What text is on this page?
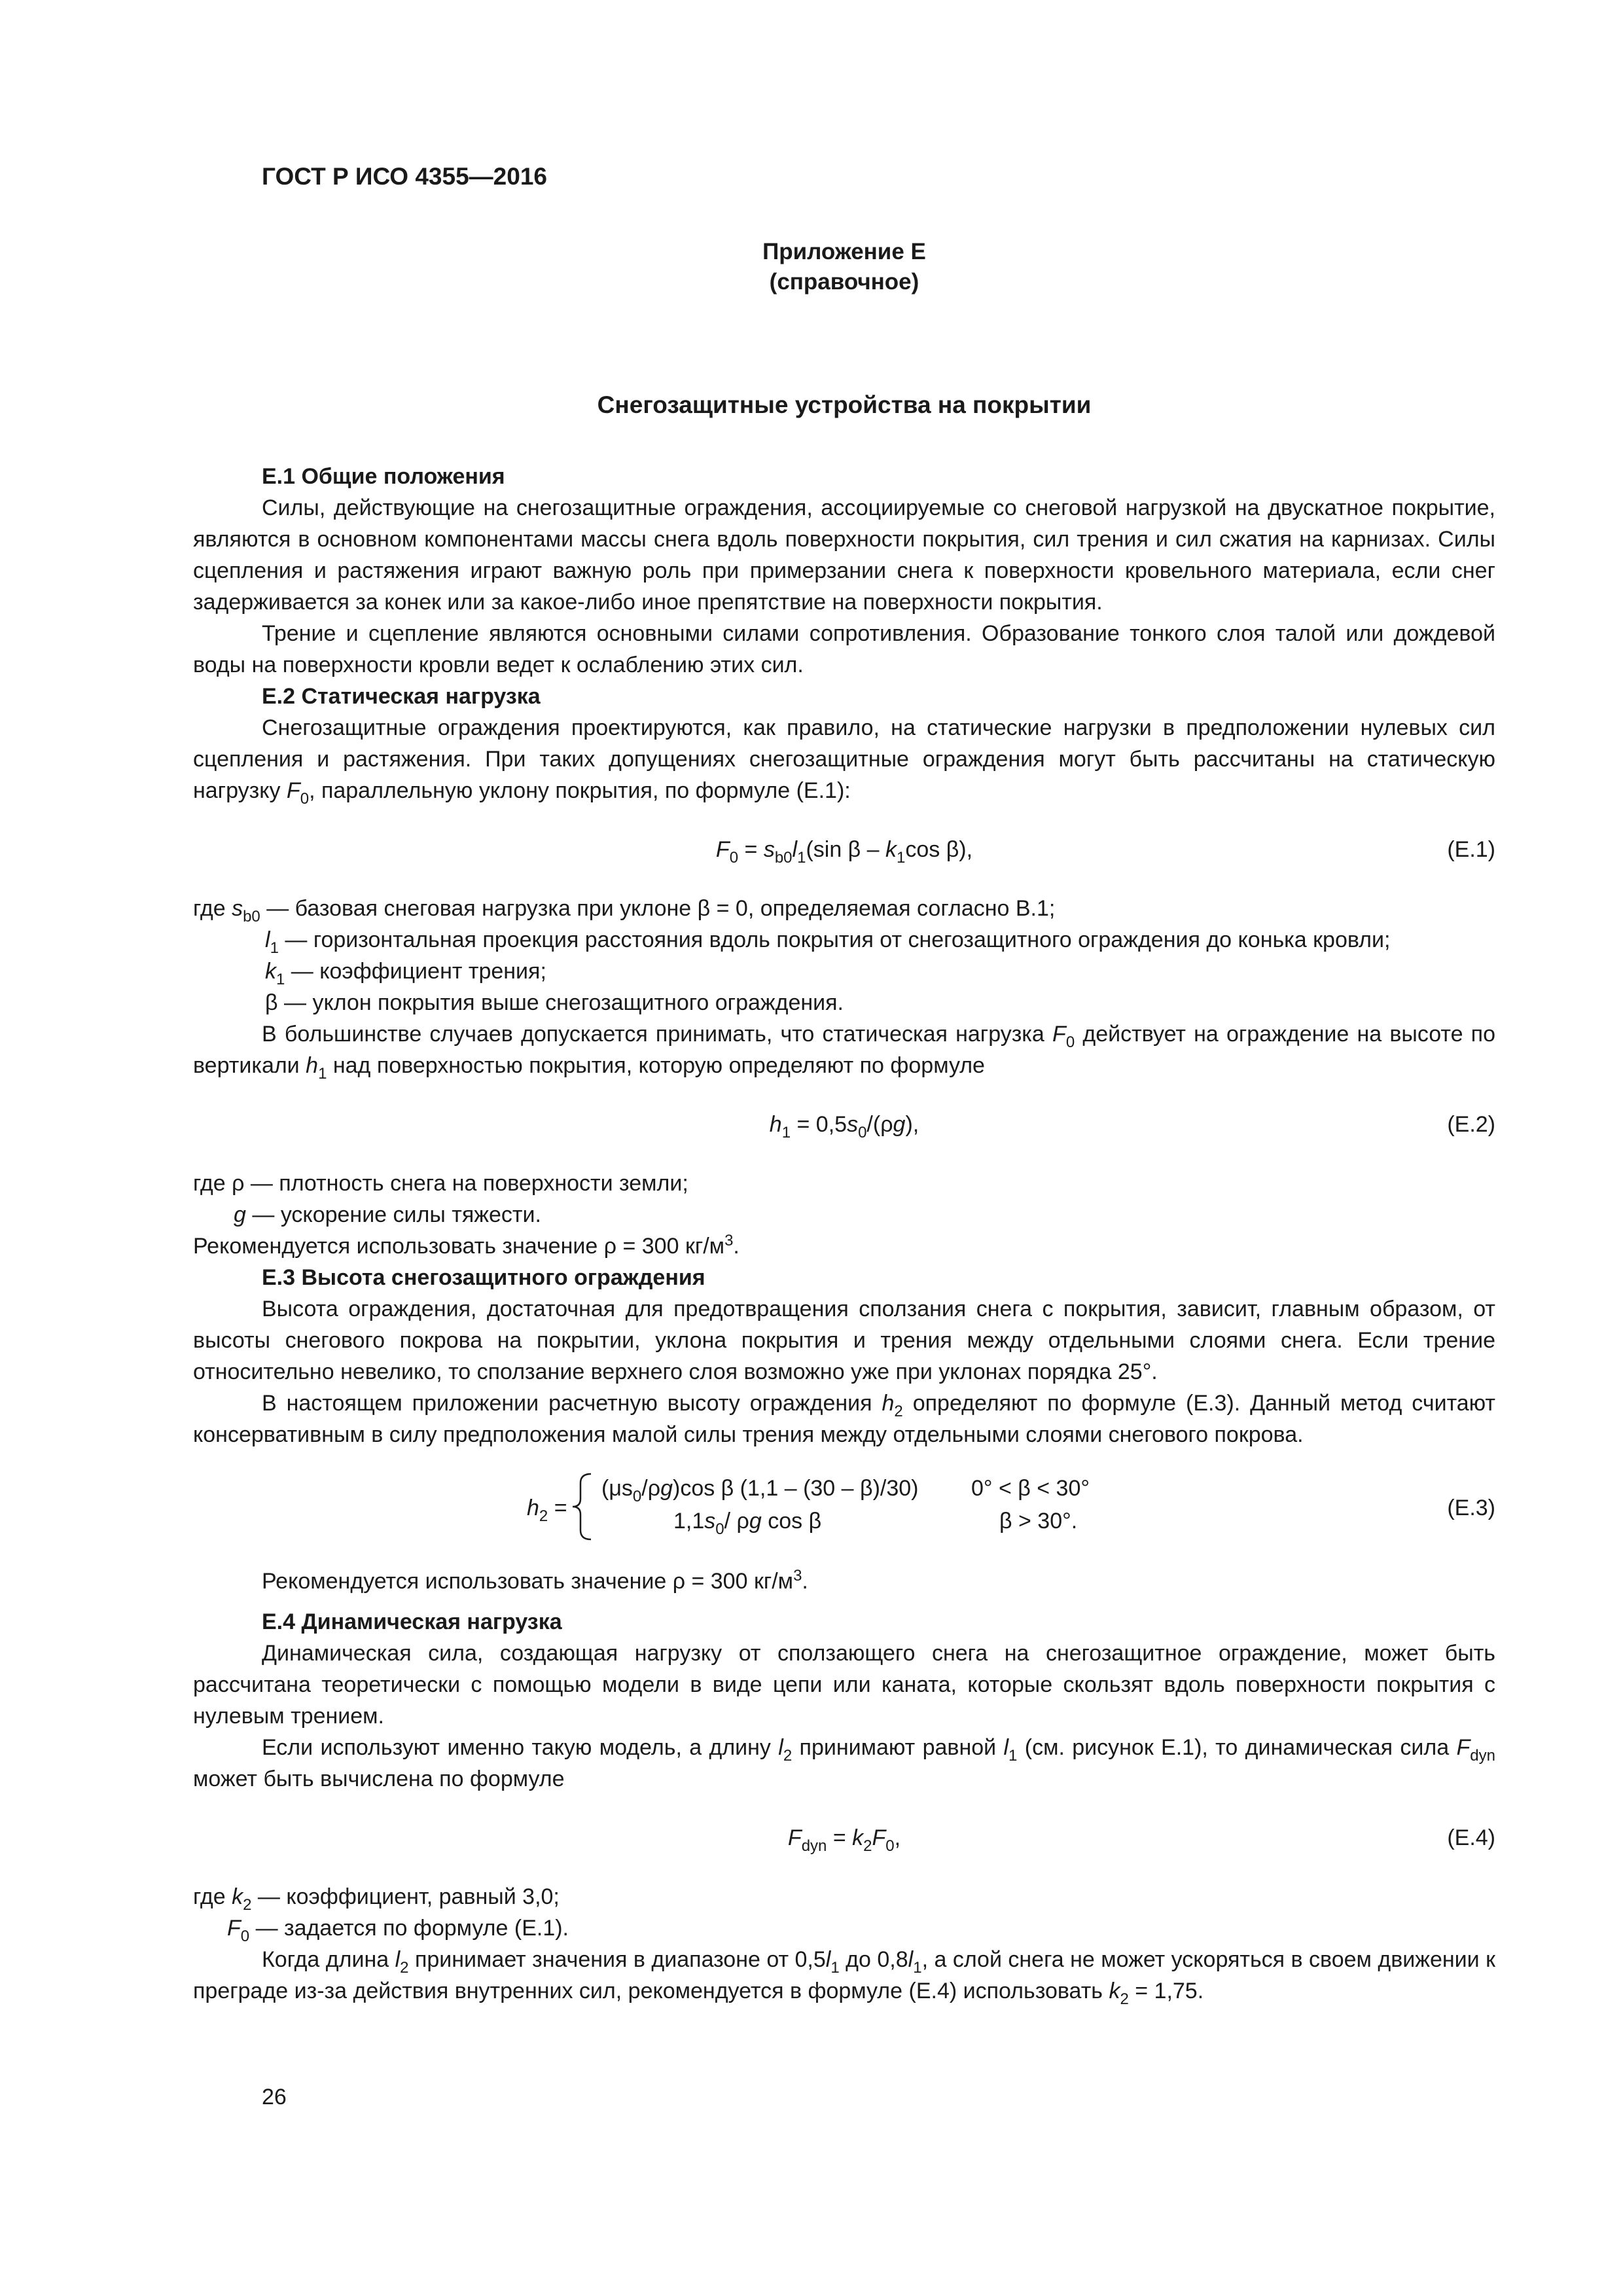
ГОСТ Р ИСО 4355—2016

Приложение Е
(справочное)
Снегозащитные устройства на покрытии
Е.1 Общие положения

Силы, действующие на снегозащитные ограждения, ассоциируемые со снеговой нагрузкой на двускатное покрытие, являются в основном компонентами массы снега вдоль поверхности покрытия, сил трения и сил сжатия на карнизах. Силы сцепления и растяжения играют важную роль при примерзании снега к поверхности кровельного материала, если снег задерживается за конек или за какое-либо иное препятствие на поверхности покрытия.

Трение и сцепление являются основными силами сопротивления. Образование тонкого слоя талой или дождевой воды на поверхности кровли ведет к ослаблению этих сил.

Е.2 Статическая нагрузка

Снегозащитные ограждения проектируются, как правило, на статические нагрузки в предположении нулевых сил сцепления и растяжения. При таких допущениях снегозащитные ограждения могут быть рассчитаны на статическую нагрузку $F_0$, параллельную уклону покрытия, по формуле (Е.1):

$F_0 = s_{b0}l_1(\sin$ β – $k_1\cos$ β),	(Е.1)

где $s_{b0}$ — базовая снеговая нагрузка при уклоне β = 0, определяемая согласно В.1;

$l_1$ — горизонтальная проекция расстояния вдоль покрытия от снегозащитного ограждения до конька кровли;

$k_1$ — коэффициент трения;

β — уклон покрытия выше снегозащитного ограждения.

В большинстве случаев допускается принимать, что статическая нагрузка $F_0$ действует на ограждение на высоте по вертикали $h_1$ над поверхностью покрытия, которую определяют по формуле

$h_1 = 0,5s_0/(\rho g)$,	(Е.2)

где ρ — плотность снега на поверхности земли;

g — ускорение силы тяжести.

Рекомендуется использовать значение ρ = 300 $кг/м^3$.

Е.3 Высота снегозащитного ограждения

Высота ограждения, достаточная для предотвращения сползания снега с покрытия, зависит, главным образом, от высоты снегового покрова на покрытии, уклона покрытия и трения между отдельными слоями снега. Если трение относительно невелико, то сползание верхнего слоя возможно уже при уклонах порядка 25°.

В настоящем приложении расчетную высоту ограждения $h_2$ определяют по формуле (Е.3). Данный метод считают консервативным в силу предположения малой силы трения между отдельными слоями снегового покрова.

$h_2$ =
$(\mu s_0/\rho g)\cos$ β (1,1 – (30 – β)/30) 0° < β < 30°
$1,1s_0/$ ρg cos β	β > 30°.
(Е.3)

Рекомендуется использовать значение ρ = 300 $кг/м^3$.

Е.4 Динамическая нагрузка

Динамическая сила, создающая нагрузку от сползающего снега на снегозащитное ограждение, может быть рассчитана теоретически с помощью модели в виде цепи или каната, которые скользят вдоль поверхности покрытия с нулевым трением.

Если используют именно такую модель, а длину $l_2$ принимают равной $l_1$ (см. рисунок Е.1), то динамическая сила $F_{dyn}$ может быть вычислена по формуле

$F_{dyn} = k_2F_0$,	(Е.4)

где $k_2$ — коэффициент, равный 3,0;

$F_0$ — задается по формуле (Е.1).

Когда длина $l_2$ принимает значения в диапазоне от $0,5l_1$ до $0,8l_1$, а слой снега не может ускоряться в своем движении к преграде из-за действия внутренних сил, рекомендуется в формуле (Е.4) использовать $k_2 = 1,75$.

26
